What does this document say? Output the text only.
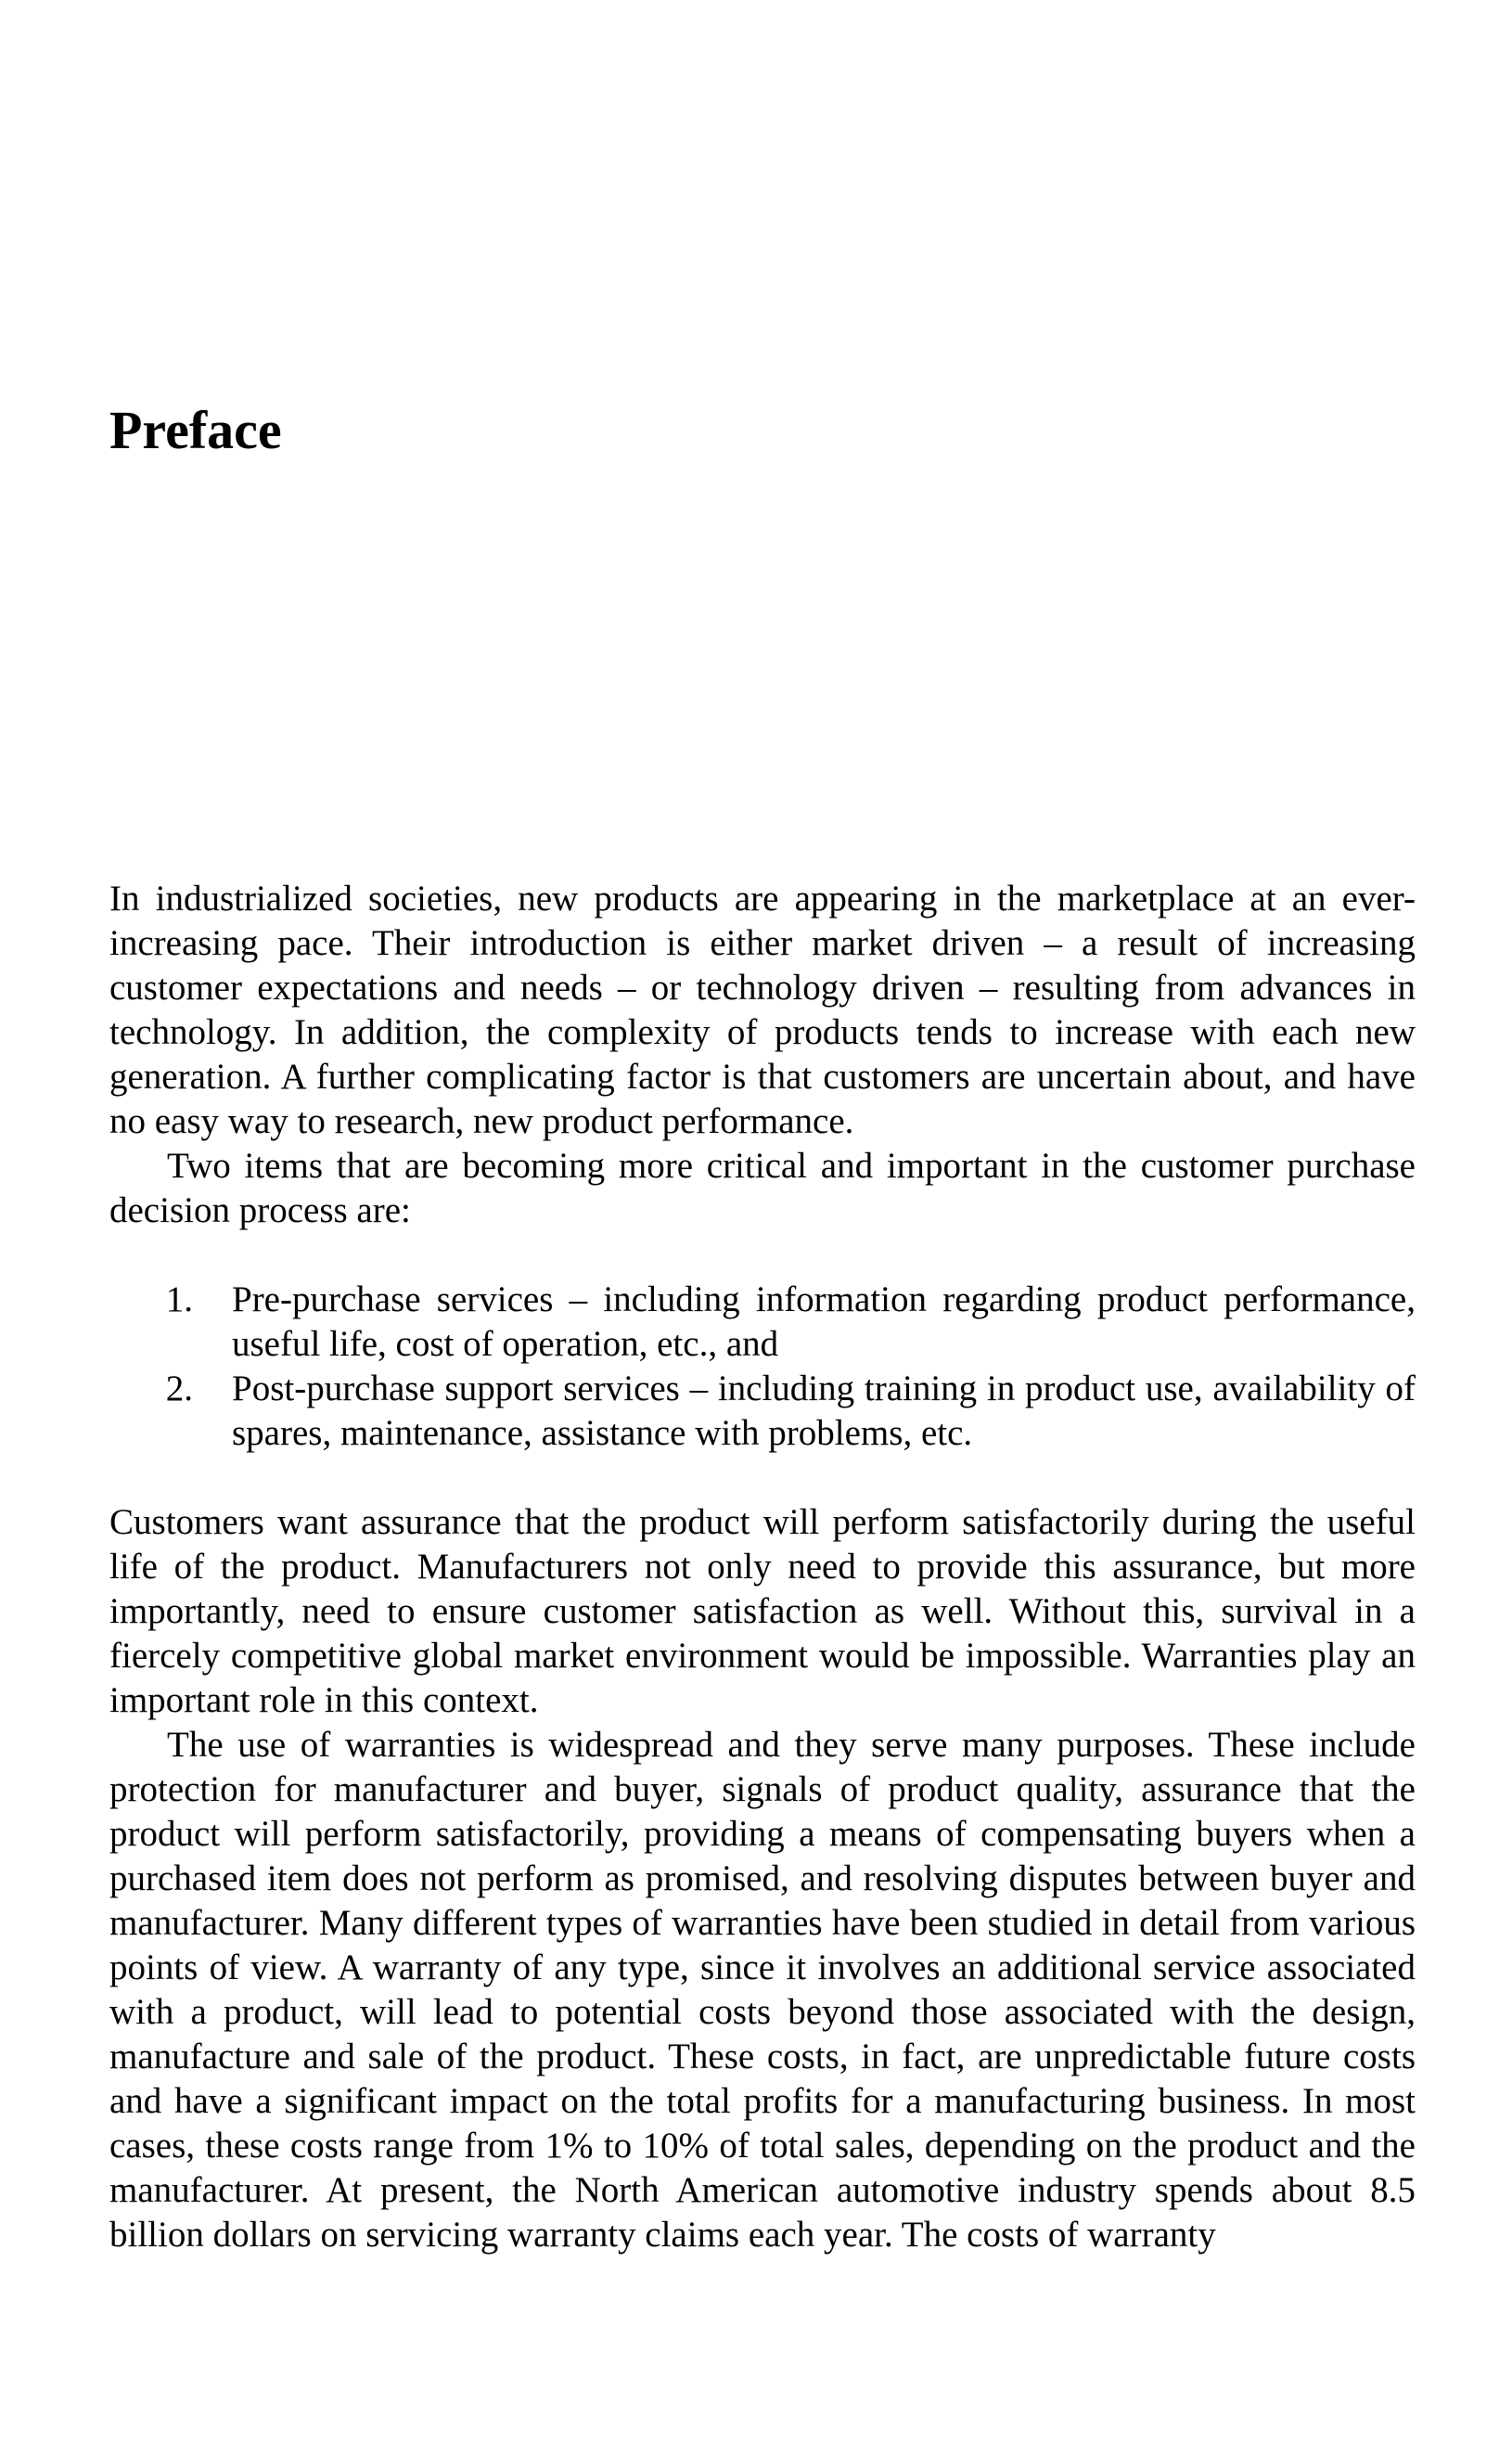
Preface

In industrialized societies, new products are appearing in the marketplace at an ever-increasing pace. Their introduction is either market driven – a result of increasing customer expectations and needs – or technology driven – resulting from advances in technology. In addition, the complexity of products tends to increase with each new generation. A further complicating factor is that customers are uncertain about, and have no easy way to research, new product performance.

Two items that are becoming more critical and important in the customer purchase decision process are:

1.	Pre-purchase services – including information regarding product performance, useful life, cost of operation, etc., and
2.	Post-purchase support services – including training in product use, availability of spares, maintenance, assistance with problems, etc.

Customers want assurance that the product will perform satisfactorily during the useful life of the product. Manufacturers not only need to provide this assurance, but more importantly, need to ensure customer satisfaction as well. Without this, survival in a fiercely competitive global market environment would be impossible. Warranties play an important role in this context.

The use of warranties is widespread and they serve many purposes. These include protection for manufacturer and buyer, signals of product quality, assurance that the product will perform satisfactorily, providing a means of compensating buyers when a purchased item does not perform as promised, and resolving disputes between buyer and manufacturer. Many different types of warranties have been studied in detail from various points of view. A warranty of any type, since it involves an additional service associated with a product, will lead to potential costs beyond those associated with the design, manufacture and sale of the product. These costs, in fact, are unpredictable future costs and have a significant impact on the total profits for a manufacturing business. In most cases, these costs range from 1% to 10% of total sales, depending on the product and the manufacturer. At present, the North American automotive industry spends about 8.5 billion dollars on servicing warranty claims each year. The costs of warranty
